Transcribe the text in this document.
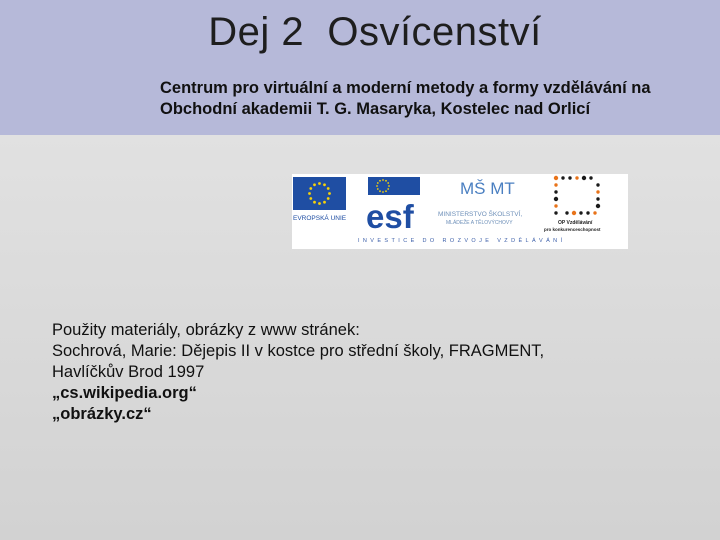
Dej 2  Osvícenství
Centrum pro virtuální a moderní metody a formy vzdělávání na
Obchodní akademii T. G. Masaryka, Kostelec nad Orlicí
EVROPSKÁ UNIE esf
MŠ MT
MINISTERSTVO ŠKOLSTVÍ,
MLÁDEŽE A TĚLOVÝCHOVY	OP Vzdělávání
pro konkurenceschopnost
INVESTICE DO ROZVOJE VZDĚLÁVÁNÍ
Použity materiály, obrázky z www stránek:
Sochrová, Marie: Dějepis II v kostce pro střední školy, FRAGMENT,
Havlíčkův Brod 1997
„cs.wikipedia.org“
„obrázky.cz“
